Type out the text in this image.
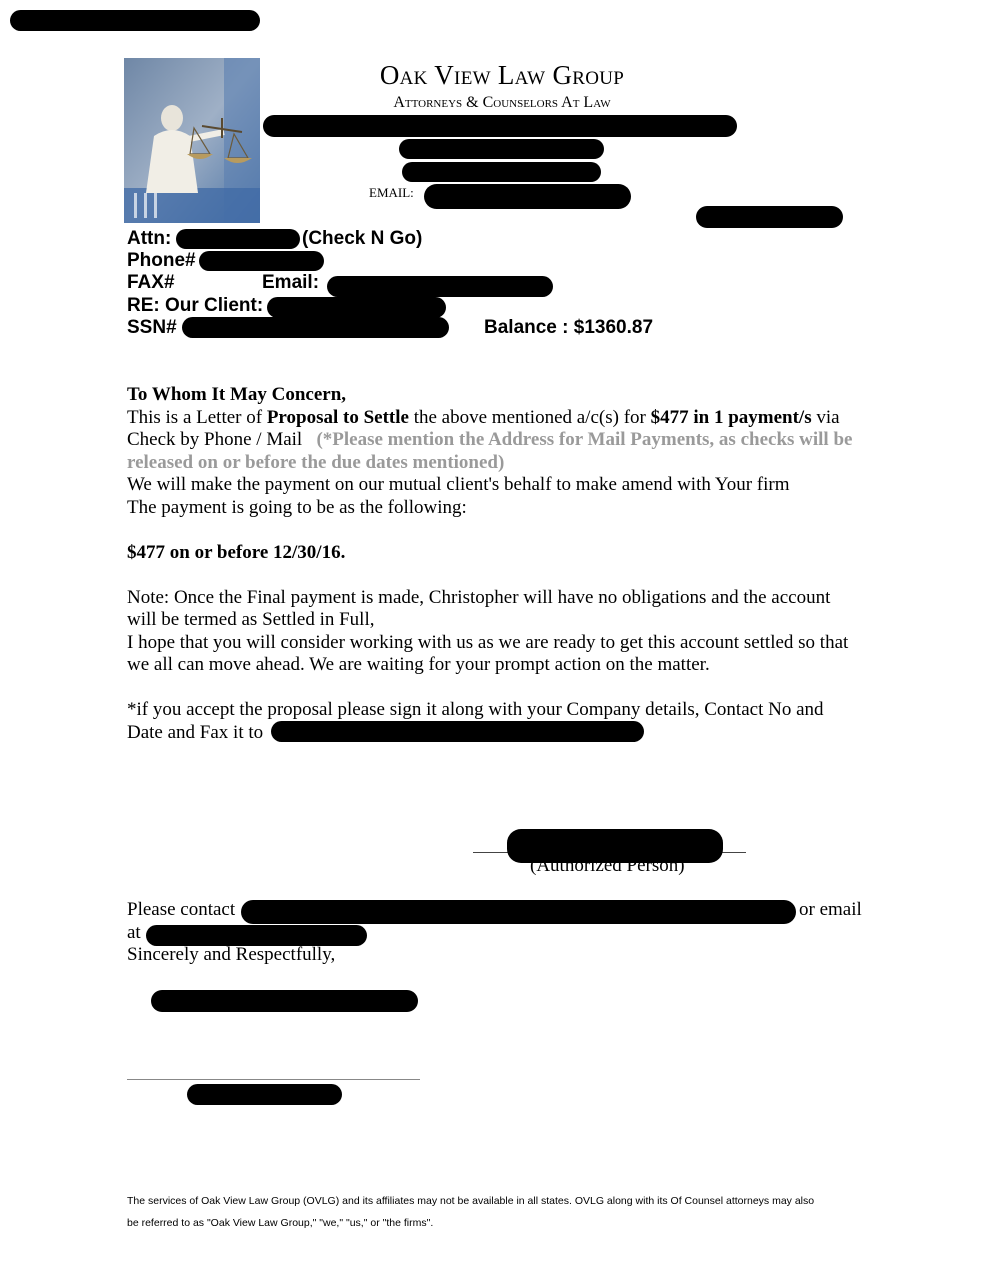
Oak View Law Group
Attorneys & Counselors At Law
EMAIL:
Attn:	(Check N Go)
Phone#
FAX#	Email:
RE: Our Client:
SSN#	Balance : $1360.87
To Whom It May Concern,
This is a Letter of Proposal to Settle the above mentioned a/c(s) for $477 in 1 payment/s via
Check by Phone / Mail (*Please mention the Address for Mail Payments, as checks will be
released on or before the due dates mentioned)
We will make the payment on our mutual client's behalf to make amend with Your firm
The payment is going to be as the following:
$477 on or before 12/30/16.
Note: Once the Final payment is made, Christopher will have no obligations and the account
will be termed as Settled in Full,
I hope that you will consider working with us as we are ready to get this account settled so that
we all can move ahead. We are waiting for your prompt action on the matter.
*if you accept the proposal please sign it along with your Company details, Contact No and
Date and Fax it to
(Authorized Person)
Please contact	or email
at
Sincerely and Respectfully,
The services of Oak View Law Group (OVLG) and its affiliates may not be available in all states. OVLG along with its Of Counsel attorneys may also
be referred to as "Oak View Law Group," "we," "us," or "the firms".
